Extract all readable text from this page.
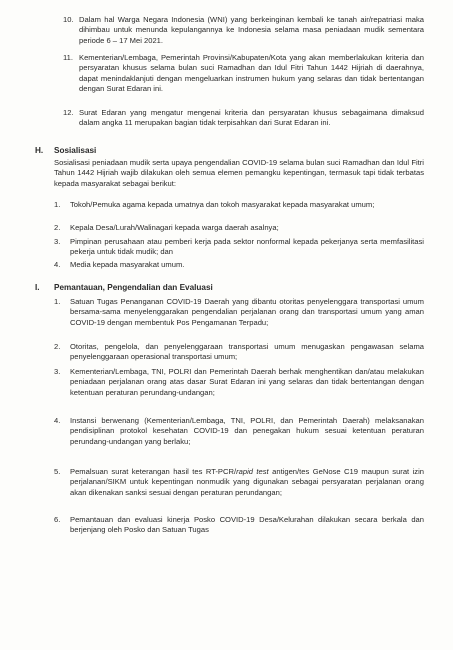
10. Dalam hal Warga Negara Indonesia (WNI) yang berkeinginan kembali ke tanah air/repatriasi maka dihimbau untuk menunda kepulangannya ke Indonesia selama masa peniadaan mudik sementara periode 6 – 17 Mei 2021.
11. Kementerian/Lembaga, Pemerintah Provinsi/Kabupaten/Kota yang akan memberlakukan kriteria dan persyaratan khusus selama bulan suci Ramadhan dan Idul Fitri Tahun 1442 Hijriah di daerahnya, dapat menindaklanjuti dengan mengeluarkan instrumen hukum yang selaras dan tidak bertentangan dengan Surat Edaran ini.
12. Surat Edaran yang mengatur mengenai kriteria dan persyaratan khusus sebagaimana dimaksud dalam angka 11 merupakan bagian tidak terpisahkan dari Surat Edaran ini.
H. Sosialisasi
Sosialisasi peniadaan mudik serta upaya pengendalian COVID-19 selama bulan suci Ramadhan dan Idul Fitri Tahun 1442 Hijriah wajib dilakukan oleh semua elemen pemangku kepentingan, termasuk tapi tidak terbatas kepada masyarakat sebagai berikut:
1. Tokoh/Pemuka agama kepada umatnya dan tokoh masyarakat kepada masyarakat umum;
2. Kepala Desa/Lurah/Walinagari kepada warga daerah asalnya;
3. Pimpinan perusahaan atau pemberi kerja pada sektor nonformal kepada pekerjanya serta memfasilitasi pekerja untuk tidak mudik; dan
4. Media kepada masyarakat umum.
I. Pemantauan, Pengendalian dan Evaluasi
1. Satuan Tugas Penanganan COVID-19 Daerah yang dibantu otoritas penyelenggara transportasi umum bersama-sama menyelenggarakan pengendalian perjalanan orang dan transportasi umum yang aman COVID-19 dengan membentuk Pos Pengamanan Terpadu;
2. Otoritas, pengelola, dan penyelenggaraan transportasi umum menugaskan pengawasan selama penyelenggaraan operasional transportasi umum;
3. Kementerian/Lembaga, TNI, POLRI dan Pemerintah Daerah berhak menghentikan dan/atau melakukan peniadaan perjalanan orang atas dasar Surat Edaran ini yang selaras dan tidak bertentangan dengan ketentuan peraturan perundang-undangan;
4. Instansi berwenang (Kementerian/Lembaga, TNI, POLRI, dan Pemerintah Daerah) melaksanakan pendisiplinan protokol kesehatan COVID-19 dan penegakan hukum sesuai ketentuan peraturan perundang-undangan yang berlaku;
5. Pemalsuan surat keterangan hasil tes RT-PCR/rapid test antigen/tes GeNose C19 maupun surat izin perjalanan/SIKM untuk kepentingan nonmudik yang digunakan sebagai persyaratan perjalanan orang akan dikenakan sanksi sesuai dengan peraturan perundangan;
6. Pemantauan dan evaluasi kinerja Posko COVID-19 Desa/Kelurahan dilakukan secara berkala dan berjenjang oleh Posko dan Satuan Tugas
